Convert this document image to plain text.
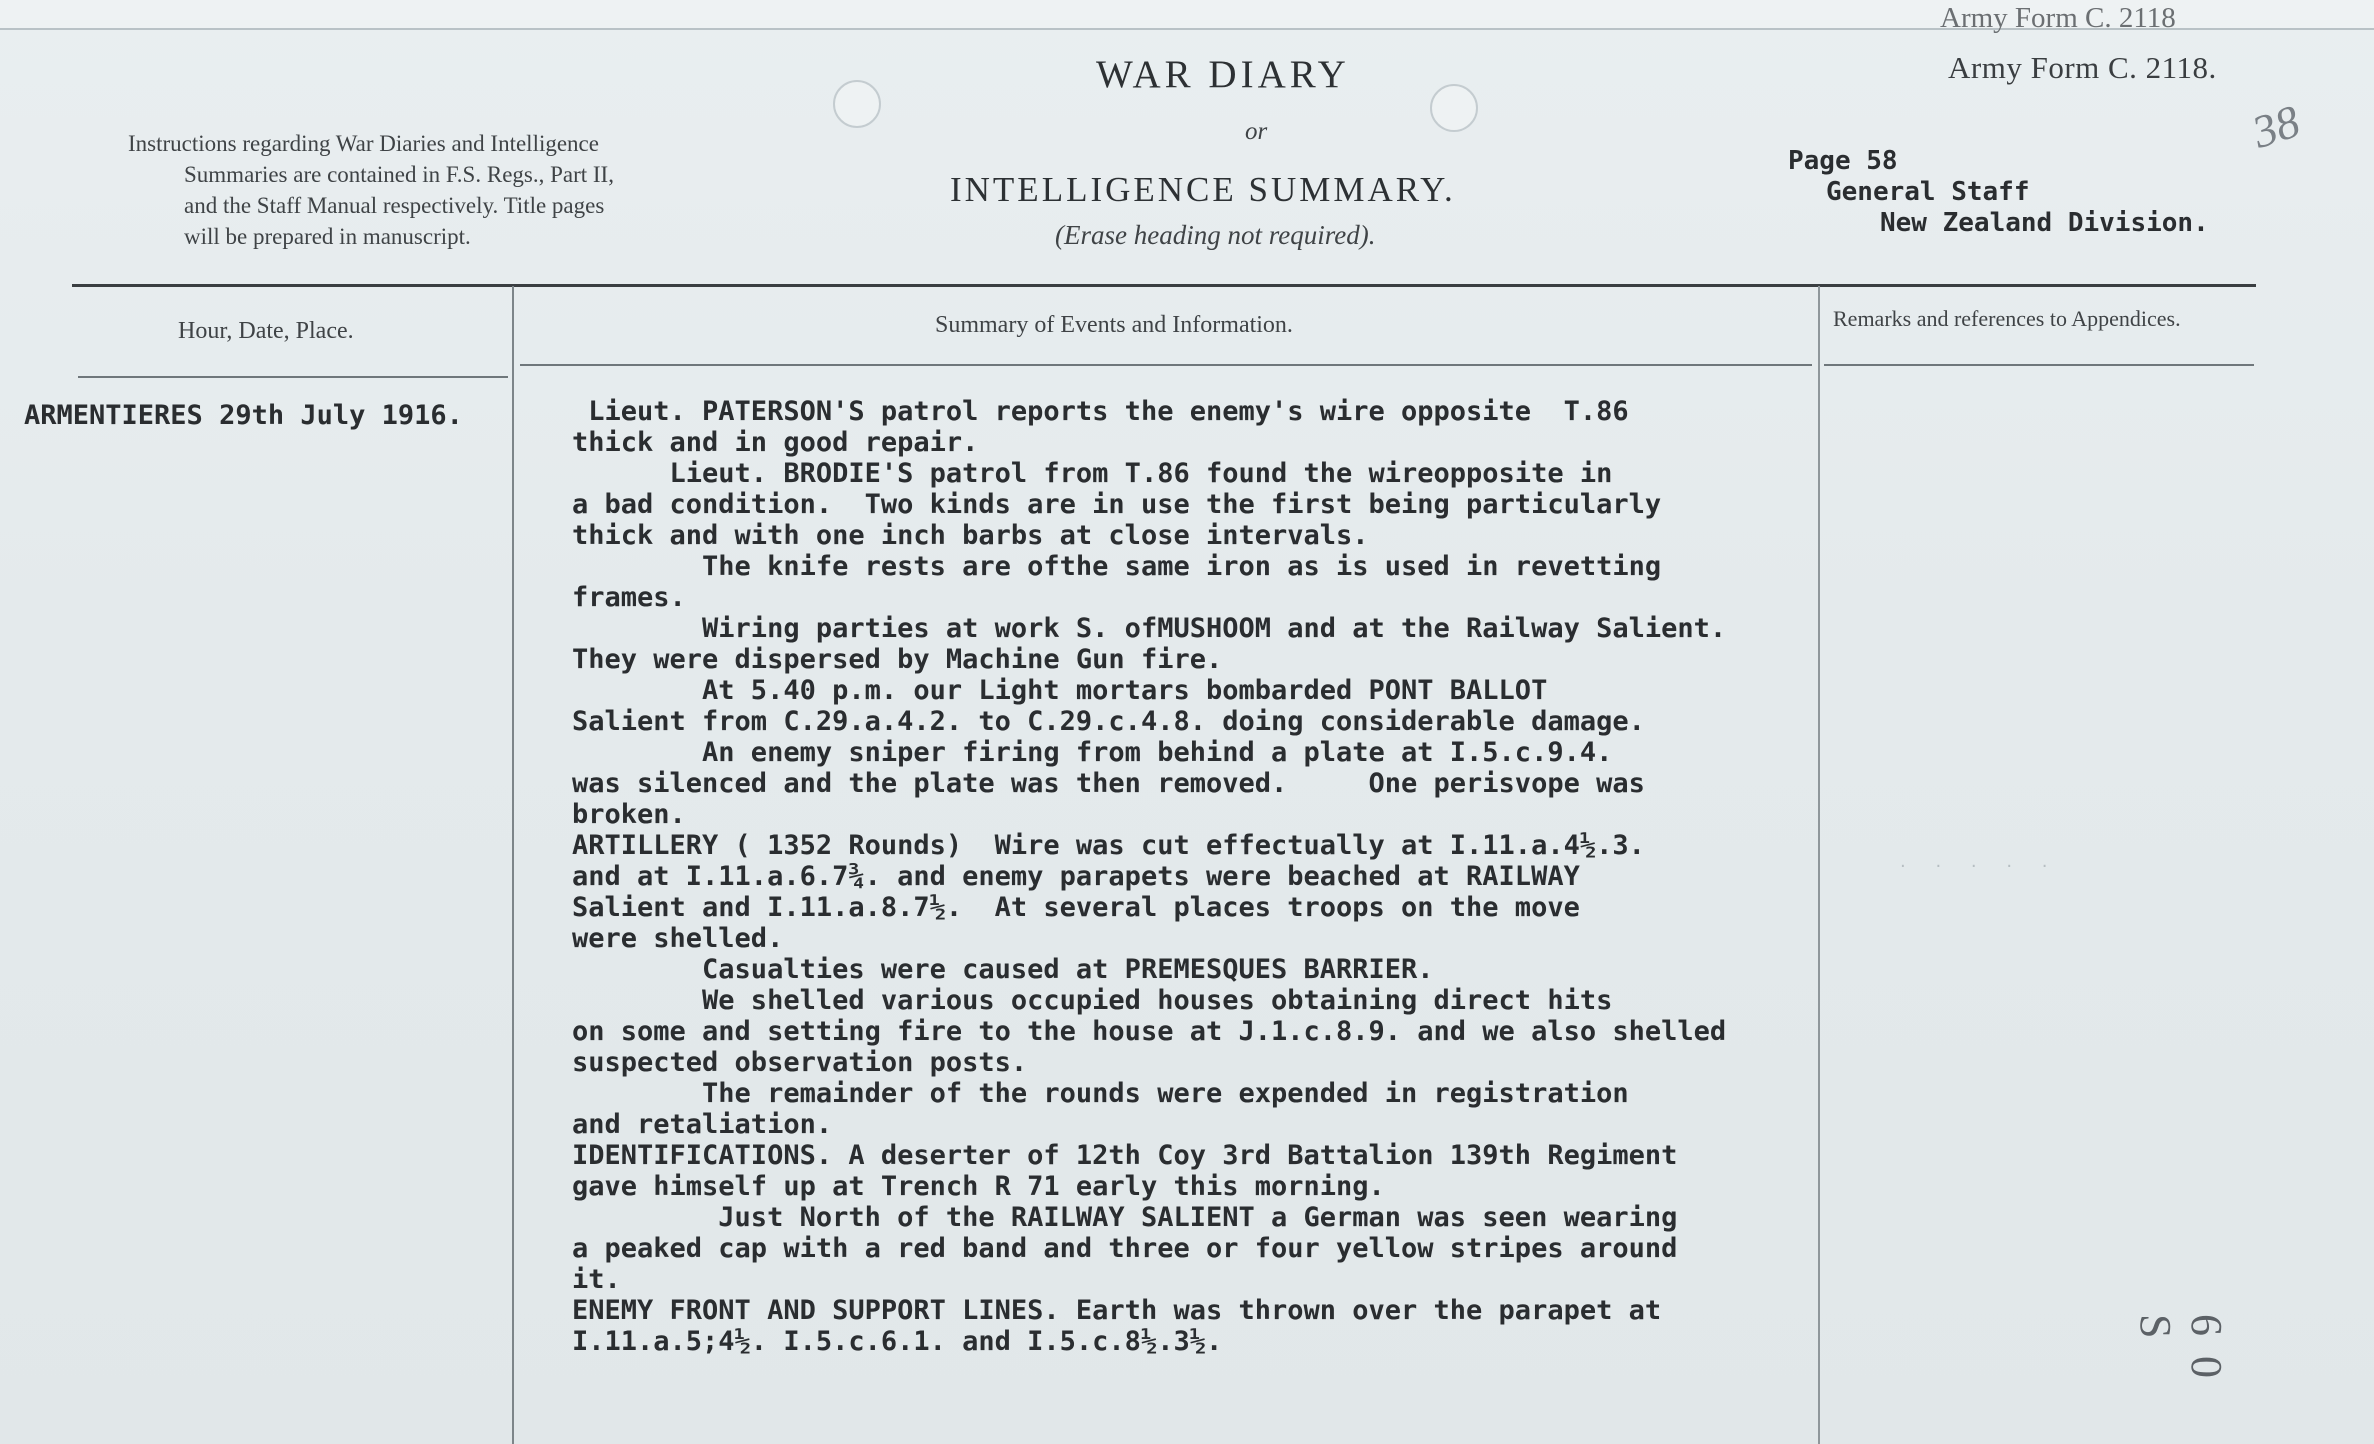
Army Form C. 2118
Army Form C. 2118.
Instructions regarding War Diaries and Intelligence
Summaries are contained in F.S. Regs., Part II,
and the Staff Manual respectively. Title pages
will be prepared in manuscript.
WAR DIARY
or
INTELLIGENCE SUMMARY.
(Erase heading not required).
Page 58
General Staff
New Zealand Division.
38
Hour, Date, Place.	Summary of Events and Information.	Remarks and references to Appendices.
ARMENTIERES 29th July 1916.	Lieut. PATERSON'S patrol reports the enemy's wire opposite  T.86
thick and in good repair.
Lieut. BRODIE'S patrol from T.86 found the wireopposite in
a bad condition.  Two kinds are in use the first being particularly
thick and with one inch barbs at close intervals.
The knife rests are ofthe same iron as is used in revetting
frames.
Wiring parties at work S. ofMUSHOOM and at the Railway Salient.
They were dispersed by Machine Gun fire.
At 5.40 p.m. our Light mortars bombarded PONT BALLOT
Salient from C.29.a.4.2. to C.29.c.4.8. doing considerable damage.
An enemy sniper firing from behind a plate at I.5.c.9.4.
was silenced and the plate was then removed.     One perisvope was
broken.
ARTILLERY ( 1352 Rounds)  Wire was cut effectually at I.11.a.4½.3.
and at I.11.a.6.7¾. and enemy parapets were beached at RAILWAY
Salient and I.11.a.8.7½.  At several places troops on the move
were shelled.
Casualties were caused at PREMESQUES BARRIER.
We shelled various occupied houses obtaining direct hits
on some and setting fire to the house at J.1.c.8.9. and we also shelled
suspected observation posts.
The remainder of the rounds were expended in registration
and retaliation.
IDENTIFICATIONS. A deserter of 12th Coy 3rd Battalion 139th Regiment
gave himself up at Trench R 71 early this morning.
Just North of the RAILWAY SALIENT a German was seen wearing
a peaked cap with a red band and three or four yellow stripes around
it.
ENEMY FRONT AND SUPPORT LINES. Earth was thrown over the parapet at
I.11.a.5;4½. I.5.c.6.1. and I.5.c.8½.3½.
· · · · ·
60 S
